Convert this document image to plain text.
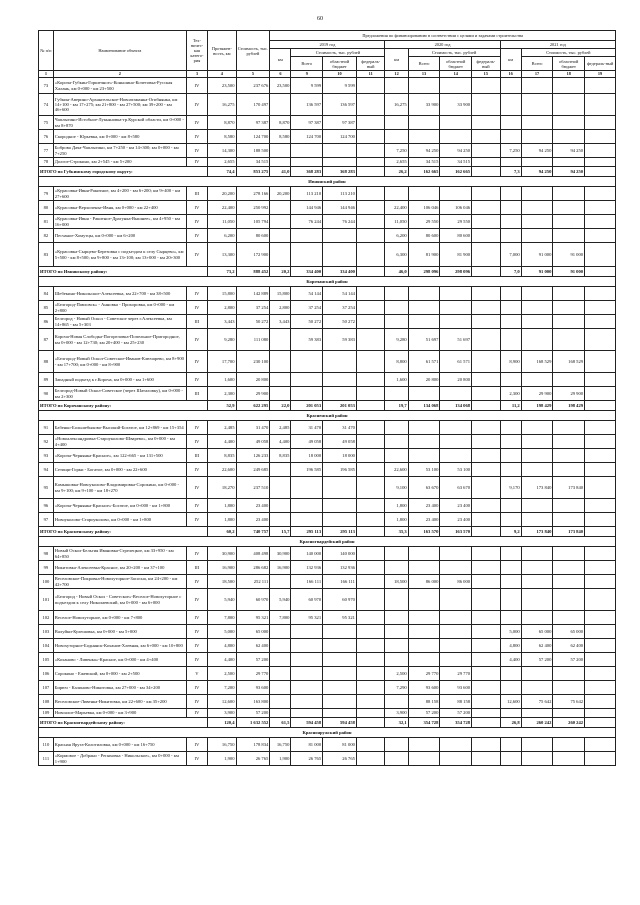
60
№ п/п	Наименование объекта	Тех-ничес-кая катего-рия	Протяжен-ность, км	Стоимость, тыс. рублей	Предложения по финансированию в соответствии с целями и задачами строительства											
					2019 год				2020 год				2021 год			
					км	Стоимость, тыс. рублей			км	Стоимость, тыс. рублей			км	Стоимость, тыс. рублей		
						Всего	областной бюджет	федераль-ный		Всего	областной бюджет	федераль-ный		Всего	областной бюджет	федераль-ный
1	2	3	4	5	6	9	10	11	12	13	14	15	16	17	18	19
73	«Короча-Губкин-Горшечное»-Коньшино-Кочетовка-Русская Халань, км 0+000 - км 23+500	IV	23,500	237 676	23,500	9 599	9 599									
74	Губкин-Аверино-Архангельское-Новоатаманка-Огибнянка, км 14+100 - км 17+275; км 21+800 - км 27+500; км 39+200 - км 46+600	IV	16,275	170 497		136 597	136 597		16,275	33 900	33 900					
75	Чаплыгино-Истобное-Лукьяновка-гр.Курской области, км 0+000 - км 8+870	IV	8,870	97 387	8,870	97 387	97 387									
76	Скородное - Юрьевка, км 0+000 - км 8+580	IV	8,580	124 700	8,580	124 700	124 700									
77	Боброва Дача-Чаплыгино, км 7+250 - км 14+300; км 0+000 - км 7+250	IV	14,300	188 500					7,250	94 250	94 250		7,250	94 250	94 250	
78	Долгое-Строкино, км 2+545 - км 5+200	IV	2,655	34 515					2,655	34 515	34 515					
ИТОГО по Губкинскому городскому округу:			74,4	853 275	41,0	368 283	368 283		26,2	162 665	162 665		7,3	94 250	94 250	
Ивнянский район																
79	«Курасовка-Ивня-Ракитное, км 4+200 - км 6+200; км 9+400 - км 27+600	III	20,200	278 166	20,200	113 210	113 210									
80	«Курасовка-Верхопенье-Ивня, км 0+000 - км 22+400	IV	22,400	250 992		144 946	144 946		22,400	106 046	106 046					
81	«Курасовка-Ивня - Ракитное-Драгунка-Вышнее», км 4+950 - км 16+000	IV	11,050	105 794		76 244	76 244		11,050	29 550	29 550					
82	Песчаное-Хомутцы, км 0+000 - км 6+200	IV	6,200	80 600					6,200	80 600	80 600					
83	«Курасовка-Сырцево-Березовка с подъездом к селу Сырцево», км 5+500 - км 8+500; км 9+800 - км 13+100; км 13+000 - км 20+300	IV	13,300	172 900					6,300	81 900	81 900		7,000	91 000	91 000	
ИТОГО по Ивнянскому району:			73,2	888 452	20,2	334 400	334 400		46,0	298 096	298 096		7,0	91 000	91 000	
Корочанский район																
84	Шебекино-Никольское-Алексеевка, км 22+700 - км 38+500	IV	15,800	142 889	15,800	54 144	54 144									
85	«Белгород-Павловск» - Анновка - Прохоровка, км 0+000 - км 2+800	IV	2,800	37 254	2,800	37 254	37 254									
86	Белгород - Новый Оскол - Советское через г.Алексеевка, км 14+865 - км 5+303	III	3,443	50 272	3,443	50 272	50 272									
87	Короча-Новая Слободка-Погореловка-Попельное-Пригородное, км 0+000 - км 12+730; км 20+400 - км 25+230	IV	9,280	111 080		59 383	59 383		9,280	51 697	51 697					
88	«Белгород-Новый Оскол-Советское-Иванов-Ключарево, км 8+900 - км 17+700; км 0+000 - км 8+900	IV	17,700	230 100					8,800	61 571	61 571		8,900	168 529	168 529	
89	Западный подъезд к г.Короча, км 0+000 - км 1+600	IV	1,600	20 800					1,600	20 800	20 800					
90	Белгород-Новый Оскол-Советское (через Шаталовку), км 0+000 - км 2+300	III	2,300	29 900									2,300	29 900	29 900	
ИТОГО по Корочанскому району:			52,9	622 295	22,0	201 053	201 053		19,7	134 068	134 068		11,2	198 429	198 429	
Красненский район																
91	Бабенко-Большебыково-Высокий-Богатое, км 12+869 - км 15+354	IV	2,485	31 470	2,485	31 470	31 470									
92	«Новоалександровка-Староуколово-Шварево», км 0+000 - км 4+400	IV	4,400	49 058	4,400	49 058	49 058									
93	«Короча-Чернянка-Красное», км 122+665 - км 131+500	III	8,835	126 233	8,835	18 000	18 000									
94	Сетищи-Горки - Богатое, км 0+000 - км 22+600	IV	22,600	249 685		196 585	196 585		22,600	53 100	53 100					
95	Камышовка-Новоуколово-Владимировка-Сорокино, км 0+000 - км 9+100; км 9+100 - км 18+270	IV	18,270	237 510					9,100	63 670	63 670		9,170	173 840	173 840	
96	«Короча-Чернянка-Красное»-Богатое, км 0+000 - км 1+800	IV	1,800	23 400					1,800	23 400	23 400					
97	Новоуколово-Староуколово, км 0+000 - км 1+800	IV	1,800	23 400					1,800	23 400	23 400					
ИТОГО по Красненскому району:			60,2	740 757	15,7	295 113	295 113		35,3	163 570	163 570		9,2	173 840	173 840	
Красногвардейский район																
98	Новый Оскол-Бельгия Ивановка-Стрелецкое, км 33+950 - км 64+850	IV	30,900	408 498	30,900	140 000	140 000									
99	Никитовка-Алексеевка-Красное, км 20+200 - км 37+100	III	16,900	286 682	16,900	132 936	132 936									
100	Веселовское-Покровка-Новохуторное-Засосна, км 24+200 - км 42+700	IV	18,500	252 111		166 111	166 111		18,500	86 000	86 000					
101	«Белгород - Новый Оскол - Советское»-Веселое-Новохуторное с подъездом к селу Николаевский, км 0+000 - км 6+000	IV	5,940	60 970	5,940	60 970	60 970									
102	Веселое-Новохуторное, км 0+000 - км 7+800	IV	7,800	95 321	7,800	95 321	95 321									
103	Валуйки-Кулешовка, км 0+000 - км 5+000	IV	5,000	65 000									5,000	65 000	65 000	
104	Новохуторное-Боднянск-Коханов-Хлевная, км 6+000 - км 10+800	IV	4,800	62 400									4,800	62 400	62 400	
105	«Коханово - Ливенка»-Красное, км 0+000 - км 4+400	IV	4,400	57 200									4,400	57 200	57 200	
106	Сорокино - Ежевский, км 0+000 - км 2+500	V	2,500	29 770					2,500	29 770	29 770					
107	Бирюч - Калиново-Никитовка, км 27+000 - км 34+200	IV	7,200	93 600					7,290	93 600	93 600					
108	Веселовское-Ливенка-Никитовка, км 22+600 - км 35+200	IV	12,600	163 800						88 158	88 158		12,600	75 642	75 642	
109	Новоалое-Марьевка, км 0+000 - км 3+900	IV	3,900	57 200					3,900	57 200	57 200					
ИТОГО по Красногвардейскому району:			120,4	1 632 552	61,5	594 458	594 458		32,1	354 728	354 728		26,8	260 242	260 242	
Краснояружский район																
110	Красная Яруга-Колотиловка, км 0+000 - км 16+750	IV	16,750	178 834	16,750	81 000	81 000									
111	«Кормовое - Добрано - Репяховка - Никольское», км 0+000 - км 1+900	IV	1,900	26 765	1,900	26 765	26 765									
